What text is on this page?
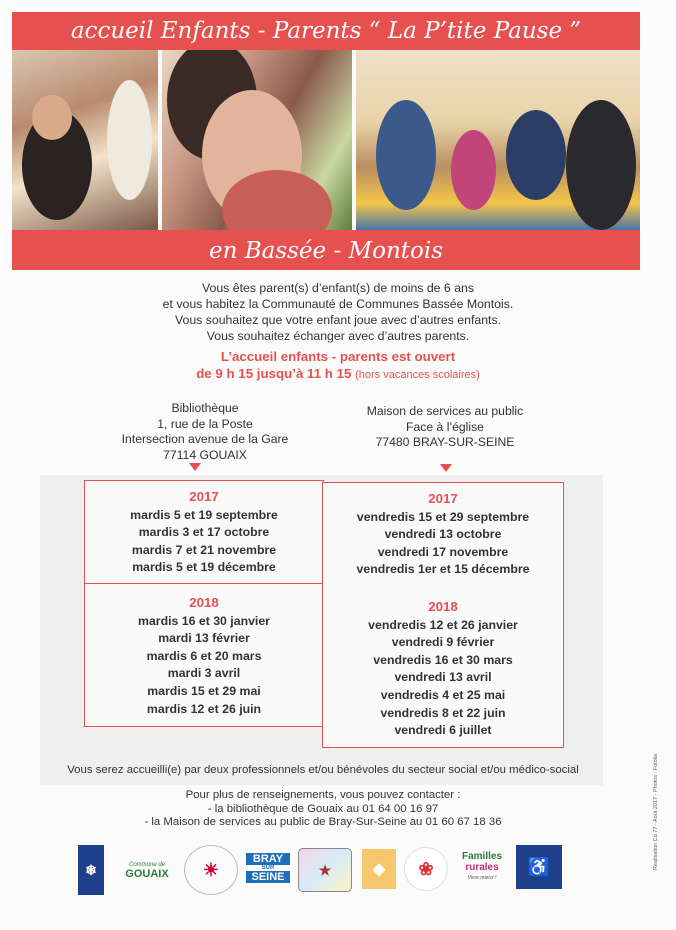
accueil Enfants - Parents “ La P’tite Pause ”
en Bassée - Montois
Vous êtes parent(s) d’enfant(s) de moins de 6 ans
et vous habitez la Communauté de Communes Bassée Montois.
Vous souhaitez que votre enfant joue avec d’autres enfants.
Vous souhaitez échanger avec d’autres parents.
L’accueil enfants - parents est ouvert
de 9 h 15 jusqu’à 11 h 15 (hors vacances scolaires)
Bibliothèque
1, rue de la Poste
Intersection avenue de la Gare
77114 GOUAIX
Maison de services au public
Face à l’église
77480 BRAY-SUR-SEINE
2017
mardis 5 et 19 septembre
mardis 3 et 17 octobre
mardis 7 et 21 novembre
mardis 5 et 19 décembre
2018
mardis 16 et 30 janvier
mardi 13 février
mardis 6 et 20 mars
mardi 3 avril
mardis 15 et 29 mai
mardis 12 et 26 juin
2017
vendredis 15 et 29 septembre
vendredi 13 octobre
vendredi 17 novembre
vendredis 1er et 15 décembre
2018
vendredis 12 et 26 janvier
vendredi 9 février
vendredis 16 et 30 mars
vendredi 13 avril
vendredis 4 et 25 mai
vendredis 8 et 22 juin
vendredi 6 juillet
Vous serez accueilli(e) par deux professionnels et/ou bénévoles du secteur social et/ou médico-social
Pour plus de renseignements, vous pouvez contacter :
- la bibliothèque de Gouaix au 01 64 00 16 97
- la Maison de services au public de Bray-Sur-Seine au 01 60 67 18 36
❄	Commune de
GOUAIX	☀
BRAY
SUR
SEINE	★	◆	❀
Familles
rurales
Vivre mieux !
♿	Réalisation Cd 77 - Août 2017 - Photos : Fotolia
